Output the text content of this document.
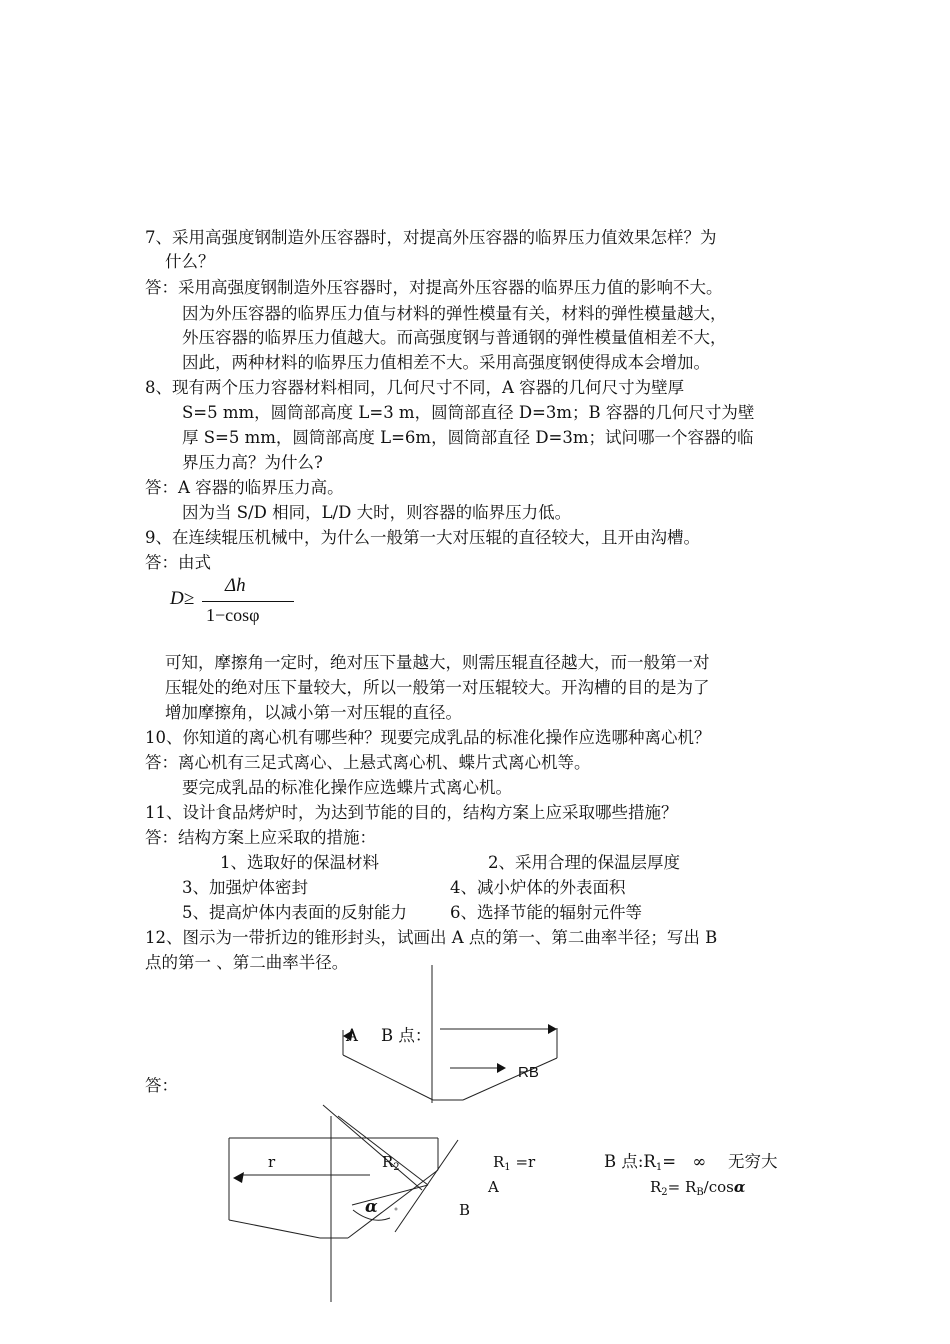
7、采用高强度钢制造外压容器时，对提高外压容器的临界压力值效果怎样？为
什么？
答：采用高强度钢制造外压容器时，对提高外压容器的临界压力值的影响不大。
因为外压容器的临界压力值与材料的弹性模量有关，材料的弹性模量越大，
外压容器的临界压力值越大。而高强度钢与普通钢的弹性模量值相差不大，
因此，两种材料的临界压力值相差不大。采用高强度钢使得成本会增加。
8、现有两个压力容器材料相同，几何尺寸不同，A 容器的几何尺寸为壁厚
S=5 mm，圆筒部高度 L=3 m，圆筒部直径 D=3m；B 容器的几何尺寸为壁
厚 S=5 mm，圆筒部高度 L=6m，圆筒部直径 D=3m；试问哪一个容器的临
界压力高？为什么?
答：A 容器的临界压力高。
因为当 S/D 相同，L/D 大时，则容器的临界压力低。
9、在连续辊压机械中，为什么一般第一大对压辊的直径较大，且开由沟槽。
答：由式
D≥
Δh
1−cosφ
可知，摩擦角一定时，绝对压下量越大，则需压辊直径越大，而一般第一对
压辊处的绝对压下量较大，所以一般第一对压辊较大。开沟槽的目的是为了
增加摩擦角，以减小第一对压辊的直径。
10、你知道的离心机有哪些种？现要完成乳品的标准化操作应选哪种离心机？
答：离心机有三足式离心、上悬式离心机、蝶片式离心机等。
要完成乳品的标准化操作应选蝶片式离心机。
11、设计食品烤炉时，为达到节能的目的，结构方案上应采取哪些措施？
答：结构方案上应采取的措施：
1、选取好的保温材料	2、采用合理的保温层厚度
3、加强炉体密封	4、减小炉体的外表面积
5、提高炉体内表面的反射能力	6、选择节能的辐射元件等
12、图示为一带折边的锥形封头，试画出 A 点的第一、第二曲率半径；写出 B
点的第一 、第二曲率半径。
A B 点：
RB
答：
r	$R_2$
α
A
B
$R_1 =r$	B 点$:R_1=$　∞　 无穷大
$R_2= R_B/\cos\alpha$
